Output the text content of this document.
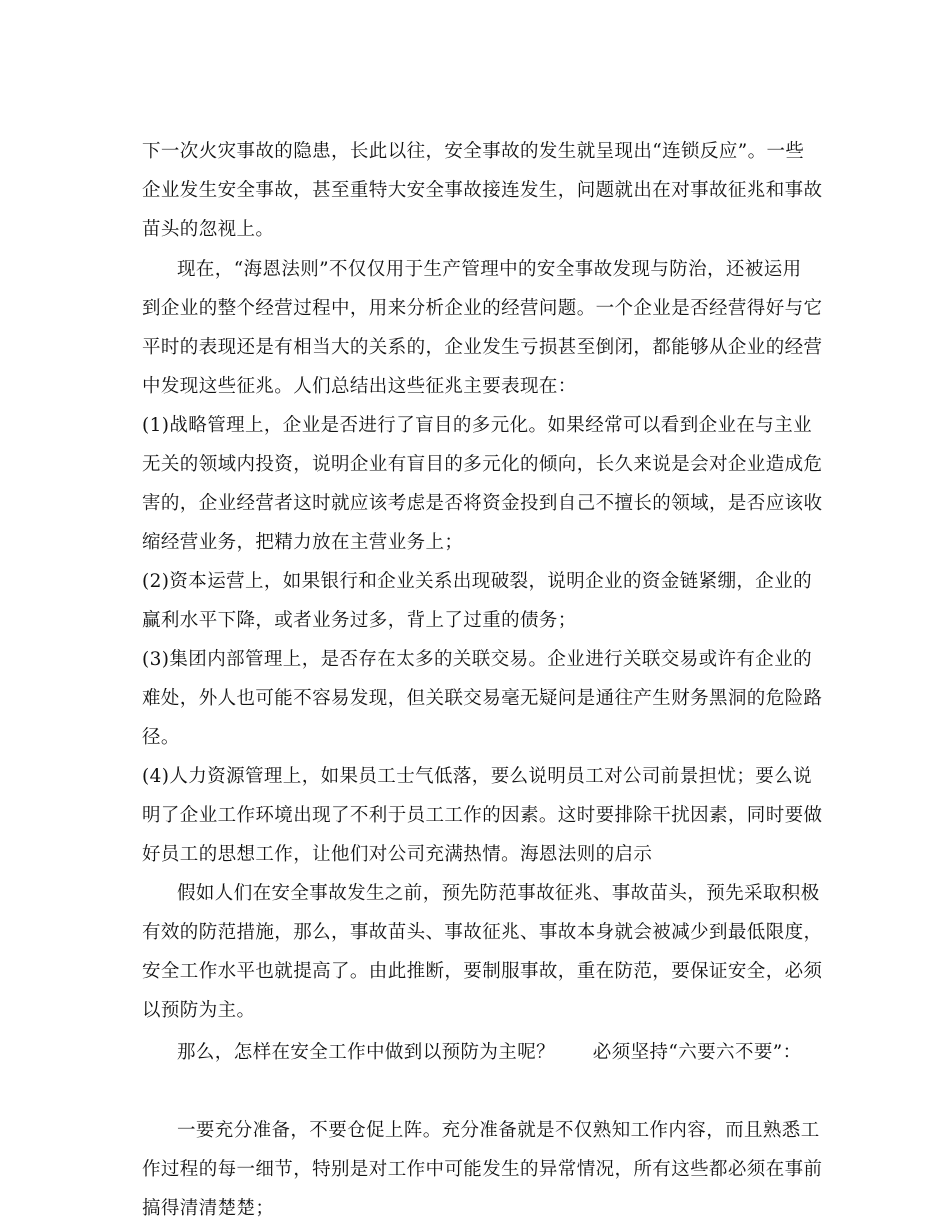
下一次火灾事故的隐患，长此以往，安全事故的发生就呈现出“连锁反应”。一些
企业发生安全事故，甚至重特大安全事故接连发生，问题就出在对事故征兆和事故
苗头的忽视上。
现在，“海恩法则”不仅仅用于生产管理中的安全事故发现与防治，还被运用
到企业的整个经营过程中，用来分析企业的经营问题。一个企业是否经营得好与它
平时的表现还是有相当大的关系的，企业发生亏损甚至倒闭，都能够从企业的经营
中发现这些征兆。人们总结出这些征兆主要表现在：
(1)战略管理上，企业是否进行了盲目的多元化。如果经常可以看到企业在与主业
无关的领域内投资，说明企业有盲目的多元化的倾向，长久来说是会对企业造成危
害的，企业经营者这时就应该考虑是否将资金投到自己不擅长的领域，是否应该收
缩经营业务，把精力放在主营业务上；
(2)资本运营上，如果银行和企业关系出现破裂，说明企业的资金链紧绷，企业的
赢利水平下降，或者业务过多，背上了过重的债务；
(3)集团内部管理上，是否存在太多的关联交易。企业进行关联交易或许有企业的
难处，外人也可能不容易发现，但关联交易毫无疑问是通往产生财务黑洞的危险路
径。
(4)人力资源管理上，如果员工士气低落，要么说明员工对公司前景担忧；要么说
明了企业工作环境出现了不利于员工工作的因素。这时要排除干扰因素，同时要做
好员工的思想工作，让他们对公司充满热情。海恩法则的启示
假如人们在安全事故发生之前，预先防范事故征兆、事故苗头，预先采取积极
有效的防范措施，那么，事故苗头、事故征兆、事故本身就会被减少到最低限度，
安全工作水平也就提高了。由此推断，要制服事故，重在防范，要保证安全，必须
以预防为主。
那么，怎样在安全工作中做到以预防为主呢？　　必须坚持“六要六不要”：
一要充分准备，不要仓促上阵。充分准备就是不仅熟知工作内容，而且熟悉工
作过程的每一细节，特别是对工作中可能发生的异常情况，所有这些都必须在事前
搞得清清楚楚；
